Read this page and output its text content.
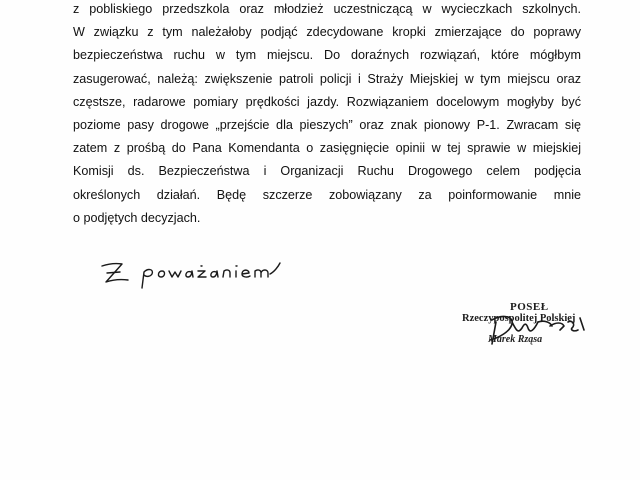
z pobliskiego przedszkola oraz młodzież uczestniczącą w wycieczkach szkolnych.
W związku z tym należałoby podjąć zdecydowane kropki zmierzające do poprawy
bezpieczeństwa ruchu w tym miejscu. Do doraźnych rozwiązań, które mógłbym
zasugerować, należą: zwiększenie patroli policji i Straży Miejskiej w tym miejscu oraz
częstsze, radarowe pomiary prędkości jazdy. Rozwiązaniem docelowym mogłyby być
poziome pasy drogowe „przejście dla pieszych” oraz znak pionowy P-1. Zwracam się
zatem z prośbą do Pana Komendanta o zasięgnięcie opinii w tej sprawie w miejskiej
Komisji ds. Bezpieczeństwa i Organizacji Ruchu Drogowego celem podjęcia
określonych działań. Będę szczerze zobowiązany za poinformowanie mnie
o podjętych decyzjach.
POSEŁ
Rzeczypospolitej Polskiej
Marek Rząsa
